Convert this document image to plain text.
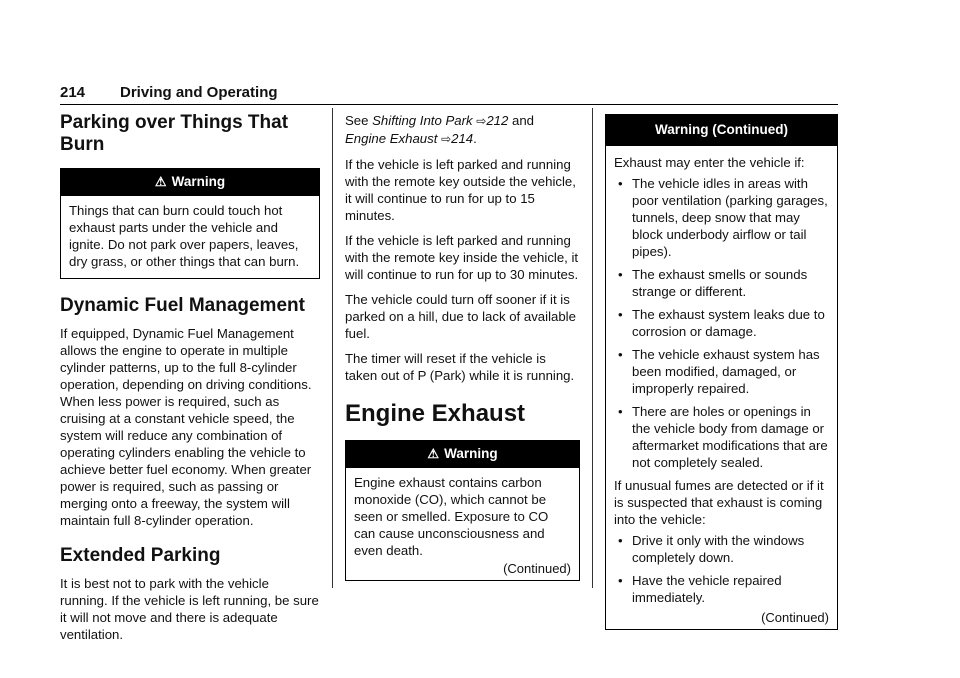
214 Driving and Operating
Parking over Things That Burn
⚠ Warning

Things that can burn could touch hot exhaust parts under the vehicle and ignite. Do not park over papers, leaves, dry grass, or other things that can burn.

Dynamic Fuel Management

If equipped, Dynamic Fuel Management allows the engine to operate in multiple cylinder patterns, up to the full 8-cylinder operation, depending on driving conditions. When less power is required, such as cruising at a constant vehicle speed, the system will reduce any combination of operating cylinders enabling the vehicle to achieve better fuel economy. When greater power is required, such as passing or merging onto a freeway, the system will maintain full 8-cylinder operation.

Extended Parking

It is best not to park with the vehicle running. If the vehicle is left running, be sure it will not move and there is adequate ventilation.

See Shifting Into Park ⇨212 and
Engine Exhaust ⇨214.

If the vehicle is left parked and running with the remote key outside the vehicle, it will continue to run for up to 15 minutes.

If the vehicle is left parked and running with the remote key inside the vehicle, it will continue to run for up to 30 minutes.

The vehicle could turn off sooner if it is parked on a hill, due to lack of available fuel.

The timer will reset if the vehicle is taken out of P (Park) while it is running.

Engine Exhaust
⚠ Warning

Engine exhaust contains carbon monoxide (CO), which cannot be seen or smelled. Exposure to CO can cause unconsciousness and even death.

(Continued)
Warning (Continued)

Exhaust may enter the vehicle if:

• The vehicle idles in areas with poor ventilation (parking garages, tunnels, deep snow that may block underbody airflow or tail pipes).
• The exhaust smells or sounds strange or different.
• The exhaust system leaks due to corrosion or damage.
• The vehicle exhaust system has been modified, damaged, or improperly repaired.
• There are holes or openings in the vehicle body from damage or aftermarket modifications that are not completely sealed.

If unusual fumes are detected or if it is suspected that exhaust is coming into the vehicle:

• Drive it only with the windows completely down.
• Have the vehicle repaired immediately.
(Continued)
